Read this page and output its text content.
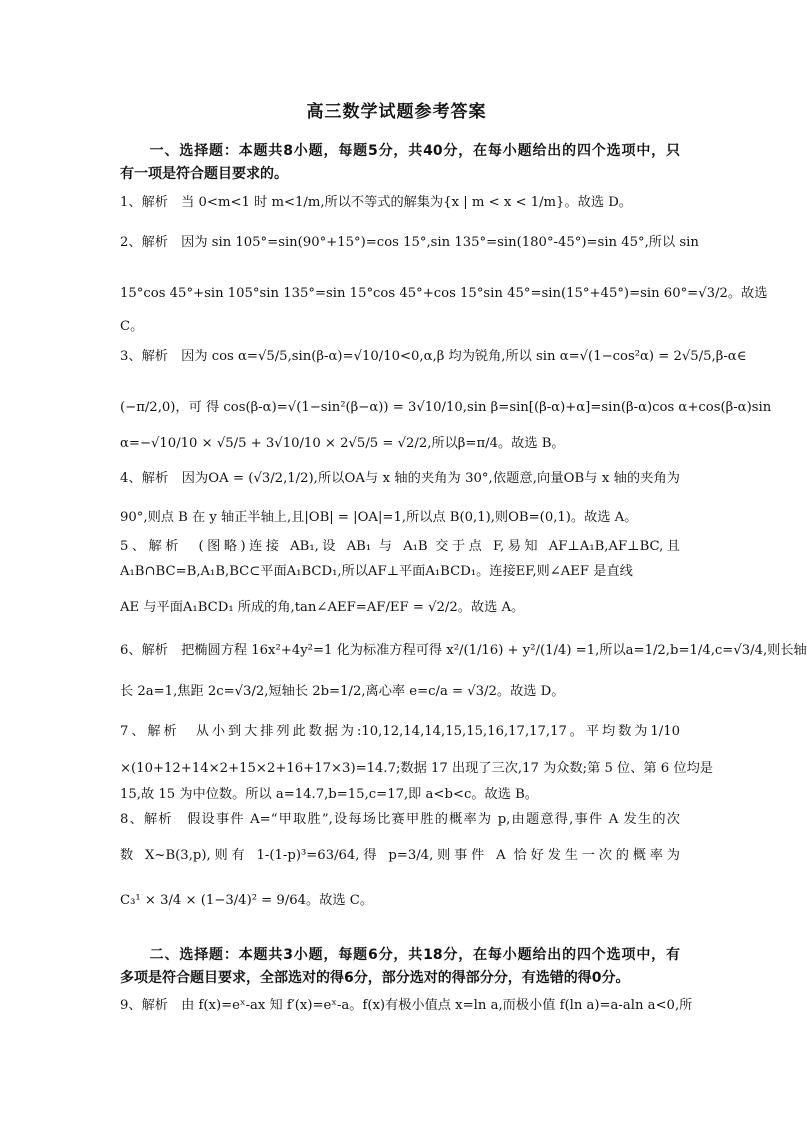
高三数学试题参考答案
　　一、选择题：本题共8小题，每题5分，共40分，在每小题给出的四个选项中，只
有一项是符合题目要求的。
1、解析　当 0<m<1 时 m<1/m,所以不等式的解集为{x | m < x < 1/m}。故选 D。
2、解析　因为 sin 105°=sin(90°+15°)=cos 15°,sin 135°=sin(180°-45°)=sin 45°,所以 sin
15°cos 45°+sin 105°sin 135°=sin 15°cos 45°+cos 15°sin 45°=sin(15°+45°)=sin 60°=√3/2。故选
C。
3、解析　因为 cos α=√5/5,sin(β-α)=√10/10<0,α,β 均为锐角,所以 sin α=√(1−cos²α) = 2√5/5,β-α∈
(−π/2,0)，可 得 cos(β-α)=√(1−sin²(β−α)) = 3√10/10,sin β=sin[(β-α)+α]=sin(β-α)cos α+cos(β-α)sin
α=−√10/10 × √5/5 + 3√10/10 × 2√5/5 = √2/2,所以β=π/4。故选 B。
4、解析　因为OA = (√3/2,1/2),所以OA与 x 轴的夹角为 30°,依题意,向量OB与 x 轴的夹角为
90°,则点 B 在 y 轴正半轴上,且|OB| = |OA|=1,所以点 B(0,1),则OB=(0,1)。故选 A。
5、解析　(图略)连接 AB₁,设 AB₁ 与 A₁B 交于点 F,易知 AF⊥A₁B,AF⊥BC,且
A₁B∩BC=B,A₁B,BC⊂平面A₁BCD₁,所以AF⊥平面A₁BCD₁。连接EF,则∠AEF 是直线
AE 与平面A₁BCD₁ 所成的角,tan∠AEF=AF/EF = √2/2。故选 A。
6、解析　把椭圆方程 16x²+4y²=1 化为标准方程可得 x²/(1/16) + y²/(1/4) =1,所以a=1/2,b=1/4,c=√3/4,则长轴
长 2a=1,焦距 2c=√3/2,短轴长 2b=1/2,离心率 e=c/a = √3/2。故选 D。
7、解析　从小到大排列此数据为:10,12,14,14,15,15,16,17,17,17。平均数为1/10
×(10+12+14×2+15×2+16+17×3)=14.7;数据 17 出现了三次,17 为众数;第 5 位、第 6 位均是
15,故 15 为中位数。所以 a=14.7,b=15,c=17,即 a<b<c。故选 B。
8、解析　假设事件 A=“甲取胜”,设每场比赛甲胜的概率为 p,由题意得,事件 A 发生的次
数 X~B(3,p),则有 1-(1-p)³=63/64,得 p=3/4,则事件 A 恰好发生一次的概率为
C₃¹ × 3/4 × (1−3/4)² = 9/64。故选 C。
　　二、选择题：本题共3小题，每题6分，共18分，在每小题给出的四个选项中，有
多项是符合题目要求，全部选对的得6分，部分选对的得部分分，有选错的得0分。
9、解析　由 f(x)=eˣ-ax 知 f′(x)=eˣ-a。f(x)有极小值点 x=ln a,而极小值 f(ln a)=a-aln a<0,所
